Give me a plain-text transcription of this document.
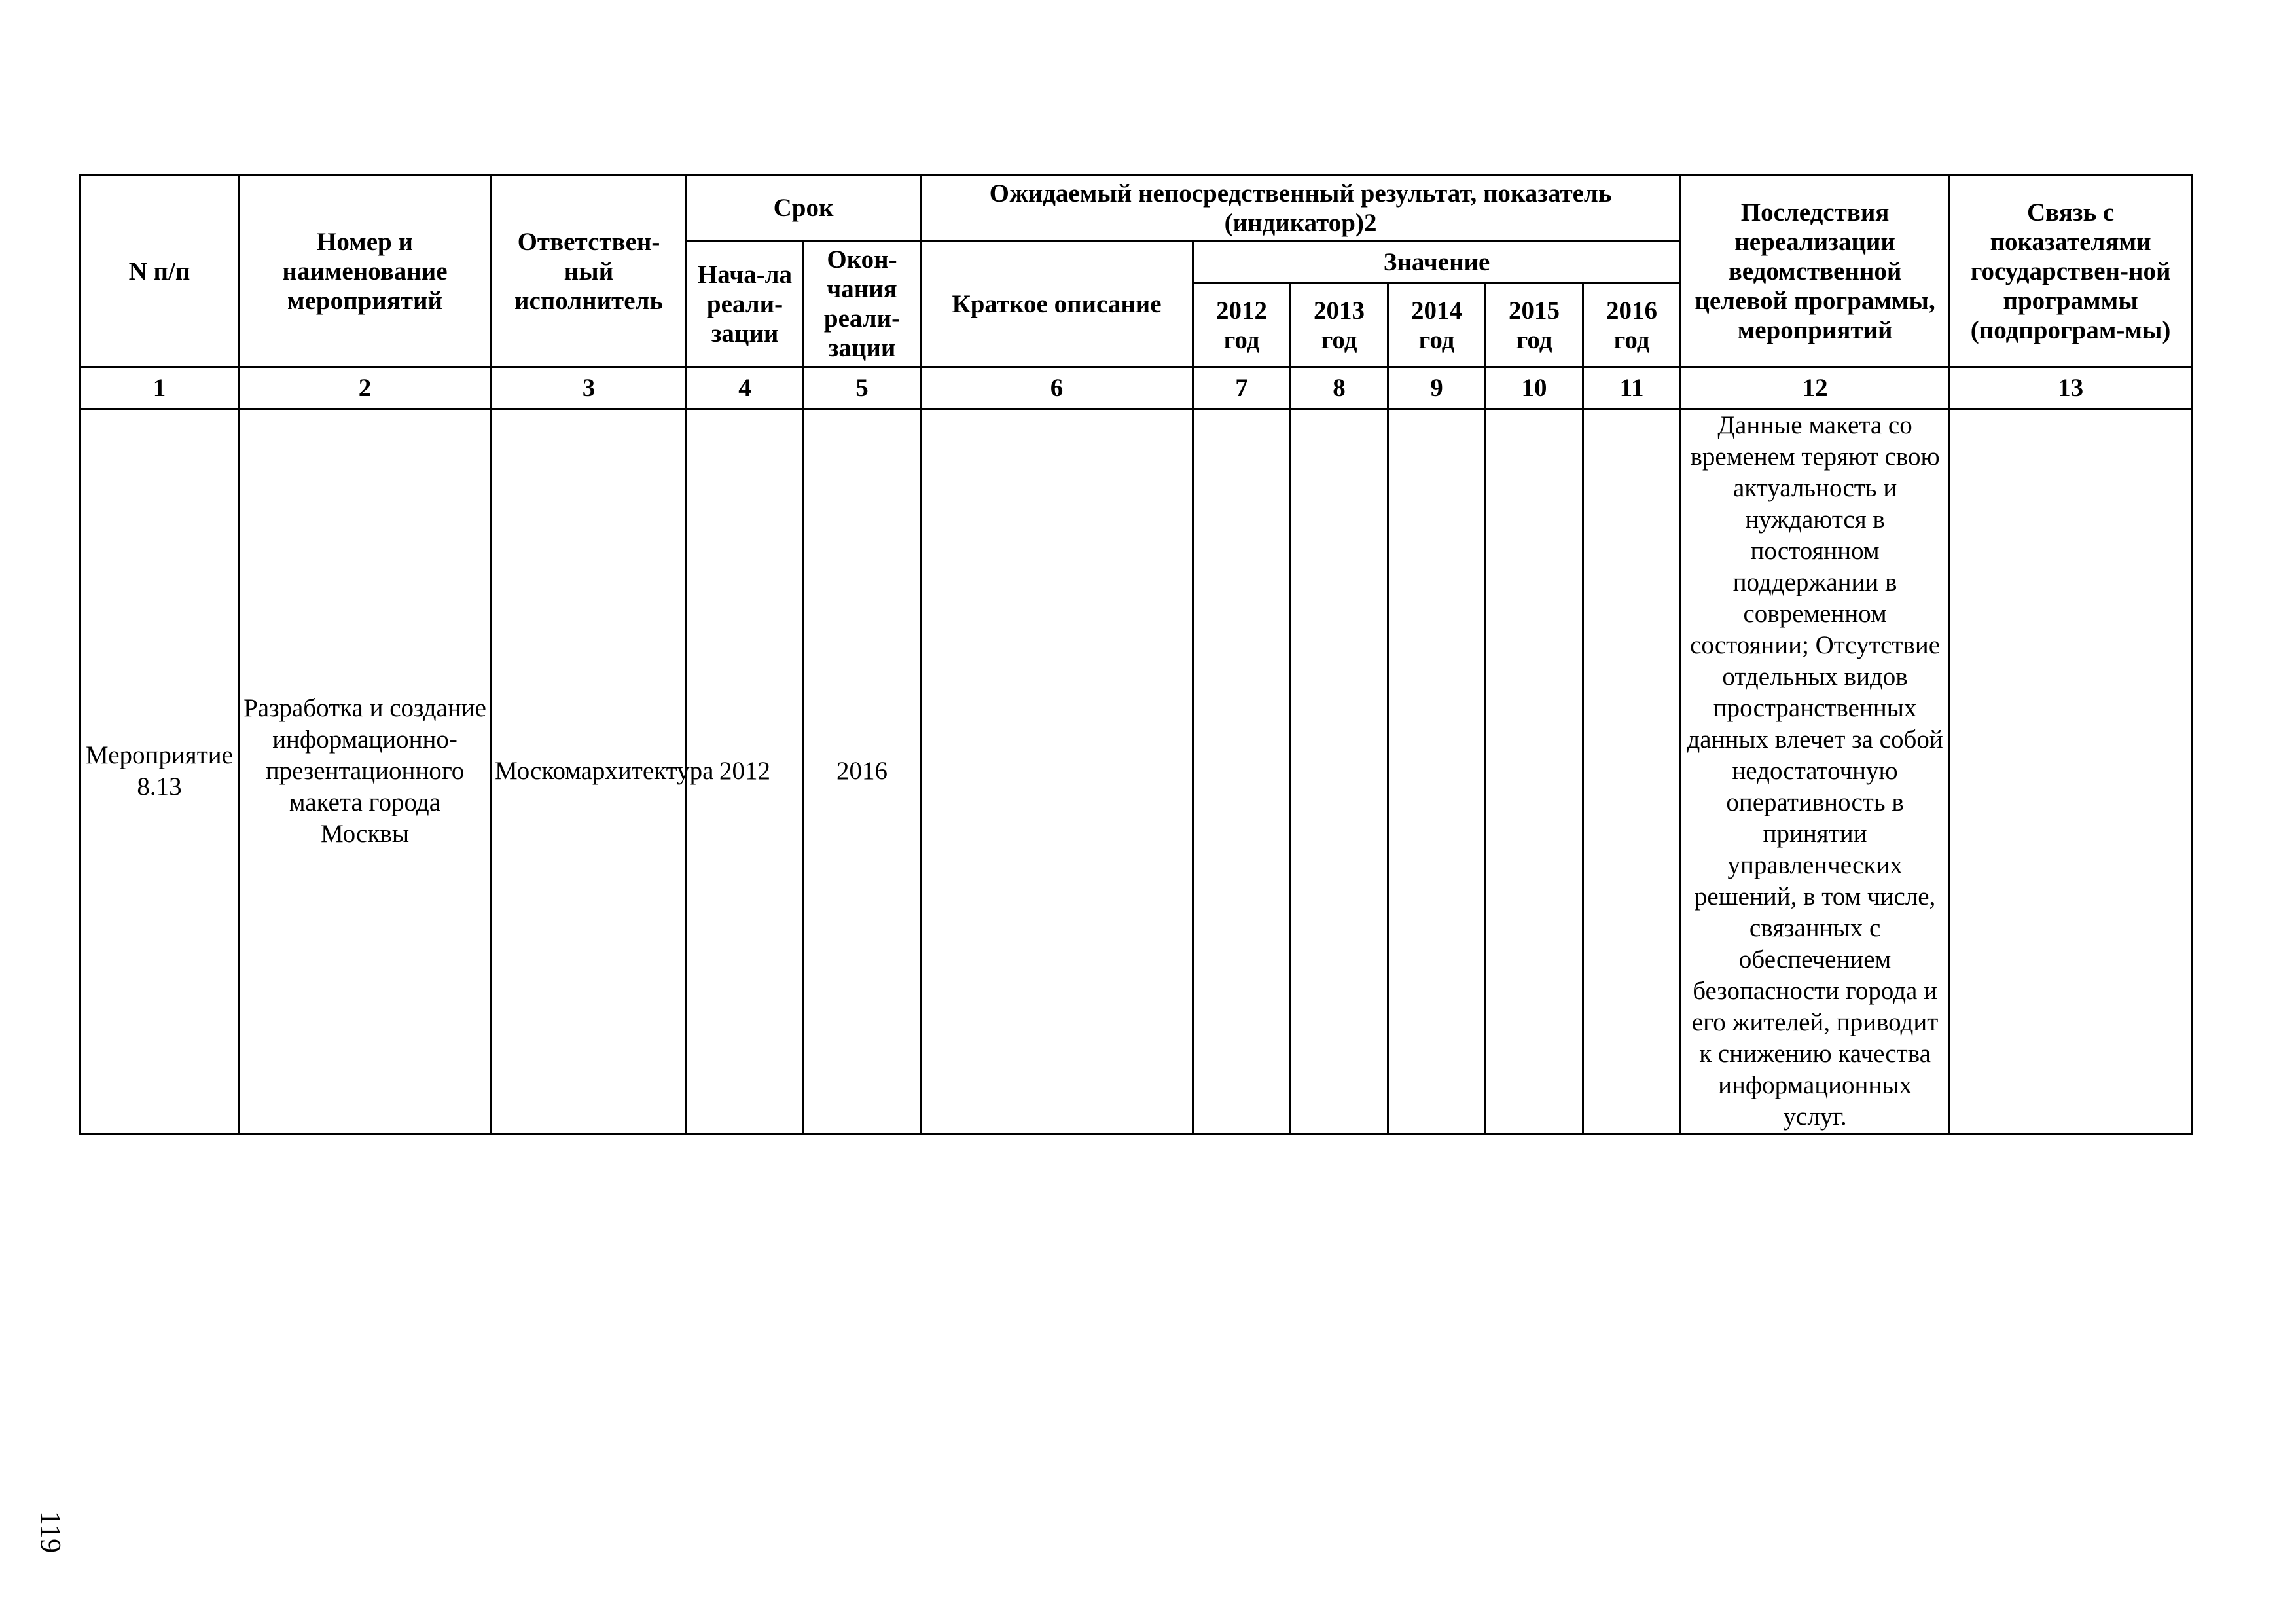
N п/п	Номер и наименование мероприятий	Ответствен-ный исполнитель	Срок		Ожидаемый непосредственный результат, показатель (индикатор)2						Последствия нереализации ведомственной целевой программы, мероприятий	Связь с показателями государствен-ной программы (подпрограм-мы)
			Нача-ла реали-зации	Окон-чания реали-зации	Краткое описание	Значение						
						2012 год	2013 год	2014 год	2015 год	2016 год		
1	2	3	4	5	6	7	8	9	10	11	12	13
Мероприятие 8.13	Разработка и создание информационно-презентационного макета города Москвы	Москомархитектура	2012	2016							Данные макета со временем теряют свою актуальность и нуждаются в постоянном поддержании в современном состоянии; Отсутствие отдельных видов пространственных данных влечет за собой недостаточную оперативность в принятии управленческих решений, в том числе, связанных с обеспечением безопасности города и его жителей, приводит к снижению качества информационных услуг.	
119
